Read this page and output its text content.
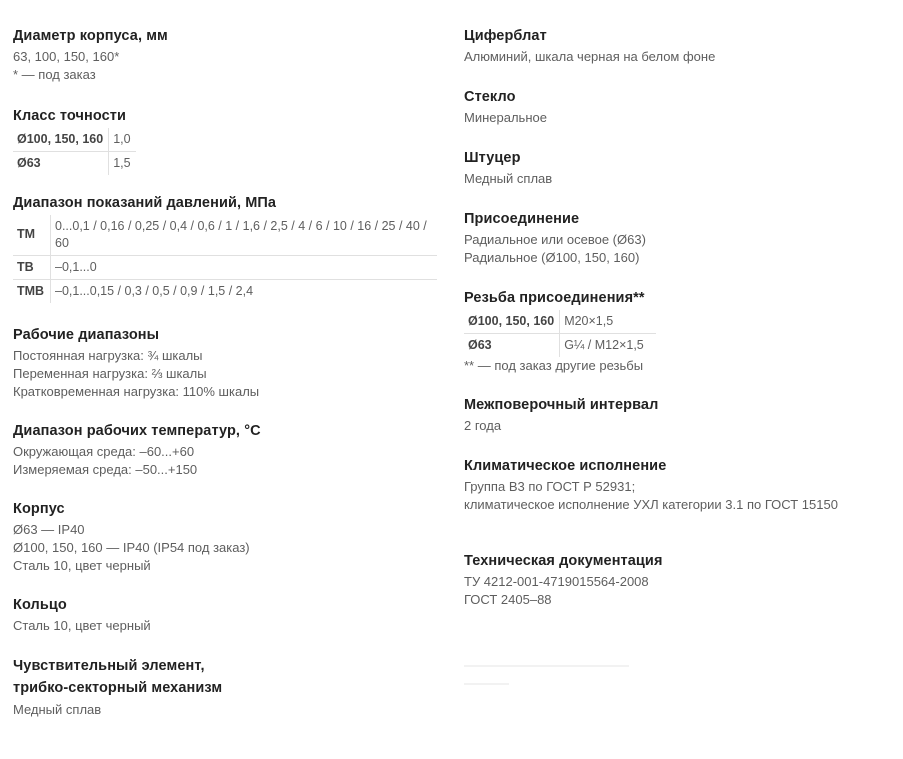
Диаметр корпуса, мм
63, 100, 150, 160*
* — под заказ
Класс точности
Ø100, 150, 160	1,0
Ø63	1,5
Диапазон показаний давлений, МПа
ТМ	0...0,1 / 0,16 / 0,25 / 0,4 / 0,6 / 1 / 1,6 / 2,5 / 4 / 6 / 10 / 16 / 25 / 40 / 60
ТВ	–0,1...0
ТМВ	–0,1...0,15 / 0,3 / 0,5 / 0,9 / 1,5 / 2,4
Рабочие диапазоны
Постоянная нагрузка: ¾ шкалы
Переменная нагрузка: ⅔ шкалы
Кратковременная нагрузка: 110% шкалы
Диапазон рабочих температур, °C
Окружающая среда: –60...+60
Измеряемая среда: –50...+150
Корпус
Ø63 — IP40
Ø100, 150, 160 — IP40 (IP54 под заказ)
Сталь 10, цвет черный
Кольцо
Сталь 10, цвет черный
Чувствительный элемент,
трибко-секторный механизм
Медный сплав
Циферблат
Алюминий, шкала черная на белом фоне
Стекло
Минеральное
Штуцер
Медный сплав
Присоединение
Радиальное или осевое (Ø63)
Радиальное (Ø100, 150, 160)
Резьба присоединения**
Ø100, 150, 160	M20×1,5
Ø63	G¼ / M12×1,5
** — под заказ другие резьбы
Межповерочный интервал
2 года
Климатическое исполнение
Группа В3 по ГОСТ Р 52931;
климатическое исполнение УХЛ категории 3.1 по ГОСТ 15150
Техническая документация
ТУ 4212-001-4719015564-2008
ГОСТ 2405–88
